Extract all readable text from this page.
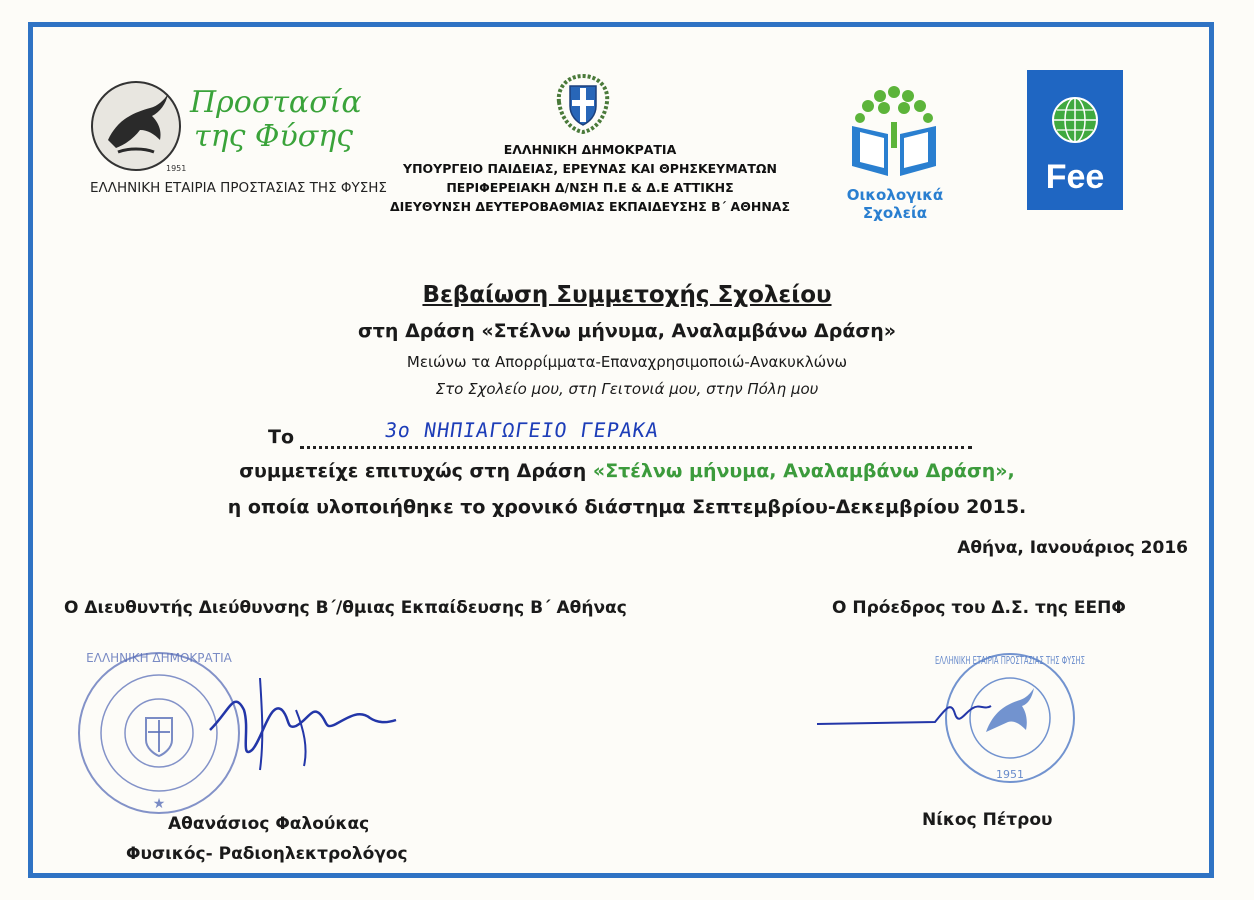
Προστασία
της Φύσης
1951
ΕΛΛΗΝΙΚΗ ΕΤΑΙΡΙΑ ΠΡΟΣΤΑΣΙΑΣ ΤΗΣ ΦΥΣΗΣ
ΕΛΛΗΝΙΚΗ ΔΗΜΟΚΡΑΤΙΑ
ΥΠΟΥΡΓΕΙΟ ΠΑΙΔΕΙΑΣ, ΕΡΕΥΝΑΣ ΚΑΙ ΘΡΗΣΚΕΥΜΑΤΩΝ
ΠΕΡΙΦΕΡΕΙΑΚΗ Δ/ΝΣΗ Π.Ε & Δ.Ε ΑΤΤΙΚΗΣ
ΔΙΕΥΘΥΝΣΗ ΔΕΥΤΕΡΟΒΑΘΜΙΑΣ ΕΚΠΑΙΔΕΥΣΗΣ Β΄ ΑΘΗΝΑΣ
Οικολογικά
Σχολεία
Fee
Βεβαίωση Συμμετοχής Σχολείου
στη Δράση «Στέλνω μήνυμα, Αναλαμβάνω Δράση»
Μειώνω τα Απορρίμματα-Επαναχρησιμοποιώ-Ανακυκλώνω
Στο Σχολείο μου, στη Γειτονιά μου, στην Πόλη μου
Το	3ο ΝΗΠΙΑΓΩΓΕΙΟ ΓΕΡΑΚΑ
συμμετείχε επιτυχώς στη Δράση «Στέλνω μήνυμα, Αναλαμβάνω Δράση»,
η οποία υλοποιήθηκε το χρονικό διάστημα Σεπτεμβρίου-Δεκεμβρίου 2015.
Αθήνα, Ιανουάριος 2016
Ο Διευθυντής Διεύθυνσης Β΄/θμιας Εκπαίδευσης Β΄ Αθήνας	Ο Πρόεδρος του Δ.Σ. της ΕΕΠΦ
ΕΛΛΗΝΙΚΗ ΔΗΜΟΚΡΑΤΙΑ
★
ΕΛΛΗΝΙΚΗ ΕΤΑΙΡΙΑ ΠΡΟΣΤΑΣΙΑΣ ΤΗΣ ΦΥΣΗΣ
1951
Αθανάσιος Φαλούκας
Φυσικός- Ραδιοηλεκτρολόγος
Νίκος Πέτρου
